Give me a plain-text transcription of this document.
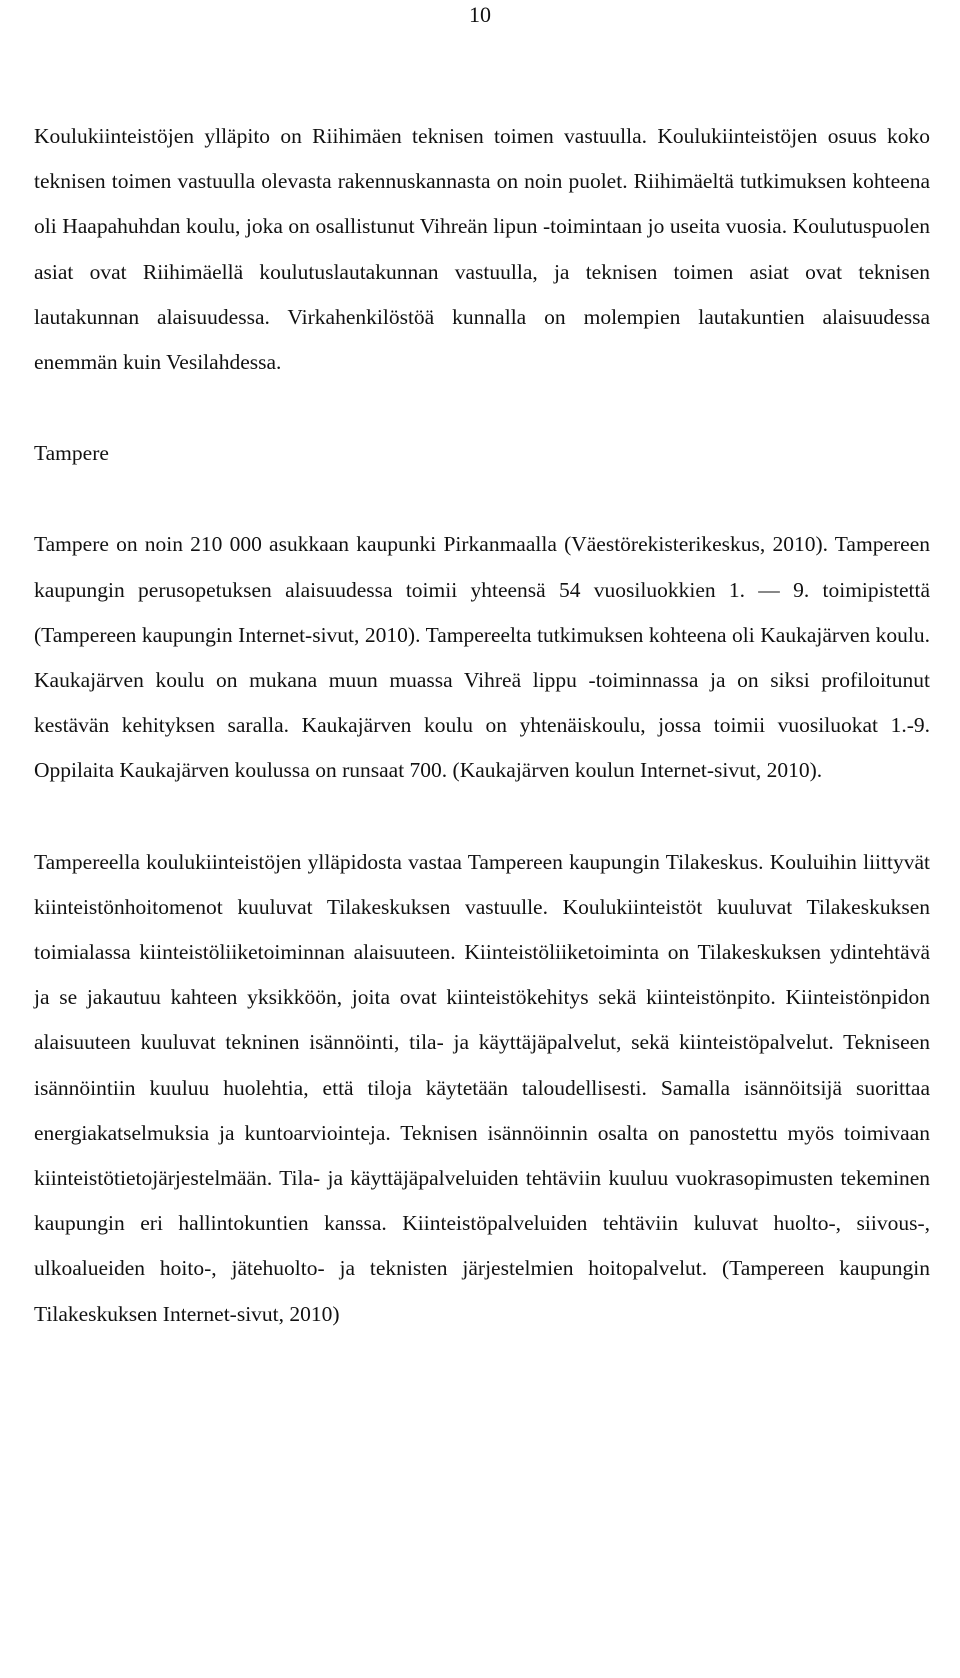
10

Koulukiinteistöjen ylläpito on Riihimäen teknisen toimen vastuulla. Koulukiinteistöjen osuus koko teknisen toimen vastuulla olevasta rakennuskannasta on noin puolet. Riihimäeltä tutkimuksen kohteena oli Haapahuhdan koulu, joka on osallistunut Vihreän lipun -toimintaan jo useita vuosia. Koulutuspuolen asiat ovat Riihimäellä koulutuslautakunnan vastuulla, ja teknisen toimen asiat ovat teknisen lautakunnan alaisuudessa. Virkahenkilöstöä kunnalla on molempien lautakuntien alaisuudessa enemmän kuin Vesilahdessa.

Tampere

Tampere on noin 210 000 asukkaan kaupunki Pirkanmaalla (Väestörekisterikeskus, 2010). Tampereen kaupungin perusopetuksen alaisuudessa toimii yhteensä 54 vuosiluokkien 1. — 9. toimipistettä (Tampereen kaupungin Internet-sivut, 2010). Tampereelta tutkimuksen kohteena oli Kaukajärven koulu. Kaukajärven koulu on mukana muun muassa Vihreä lippu -toiminnassa ja on siksi profiloitunut kestävän kehityksen saralla. Kaukajärven koulu on yhtenäiskoulu, jossa toimii vuosiluokat 1.-9. Oppilaita Kaukajärven koulussa on runsaat 700. (Kaukajärven koulun Internet-sivut, 2010).

Tampereella koulukiinteistöjen ylläpidosta vastaa Tampereen kaupungin Tilakeskus. Kouluihin liittyvät kiinteistönhoitomenot kuuluvat Tilakeskuksen vastuulle. Koulukiinteistöt kuuluvat Tilakeskuksen toimialassa kiinteistöliiketoiminnan alaisuuteen. Kiinteistöliiketoiminta on Tilakeskuksen ydintehtävä ja se jakautuu kahteen yksikköön, joita ovat kiinteistökehitys sekä kiinteistönpito. Kiinteistönpidon alaisuuteen kuuluvat tekninen isännöinti, tila- ja käyttäjäpalvelut, sekä kiinteistöpalvelut. Tekniseen isännöintiin kuuluu huolehtia, että tiloja käytetään taloudellisesti. Samalla isännöitsijä suorittaa energiakatselmuksia ja kuntoarviointeja. Teknisen isännöinnin osalta on panostettu myös toimivaan kiinteistötietojärjestelmään. Tila- ja käyttäjäpalveluiden tehtäviin kuuluu vuokrasopimusten tekeminen kaupungin eri hallintokuntien kanssa. Kiinteistöpalveluiden tehtäviin kuluvat huolto-, siivous-, ulkoalueiden hoito-, jätehuolto- ja teknisten järjestelmien hoitopalvelut. (Tampereen kaupungin Tilakeskuksen Internet-sivut, 2010)
